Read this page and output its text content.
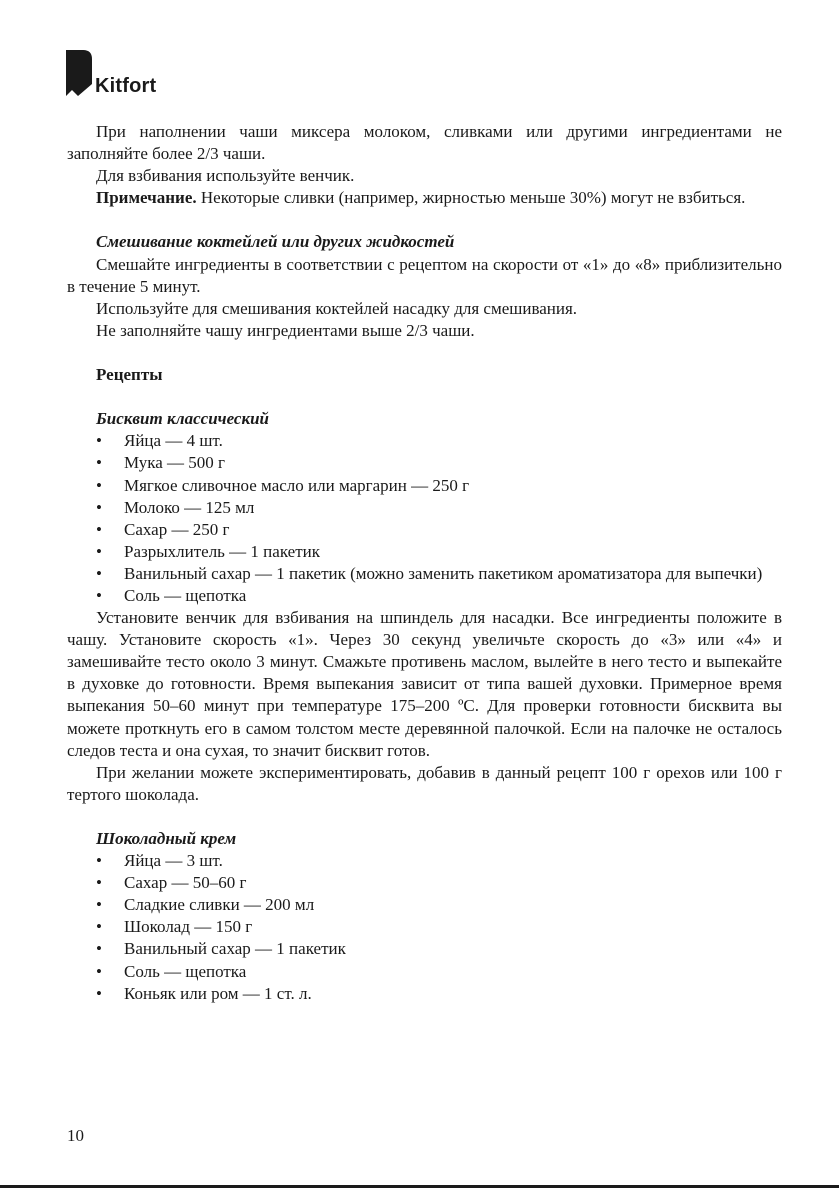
Kitfort

При наполнении чаши миксера молоком, сливками или другими ингредиентами не заполняйте более 2/3 чаши.

Для взбивания используйте венчик.

Примечание. Некоторые сливки (например, жирностью меньше 30%) могут не взбиться.

Смешивание коктейлей или других жидкостей

Смешайте ингредиенты в соответствии с рецептом на скорости от «1» до «8» приблизительно в течение 5 минут.

Используйте для смешивания коктейлей насадку для смешивания.

Не заполняйте чашу ингредиентами выше 2/3 чаши.

Рецепты

Бисквит классический

• Яйца — 4 шт.
• Мука — 500 г
• Мягкое сливочное масло или маргарин — 250 г
• Молоко — 125 мл
• Сахар — 250 г
• Разрыхлитель — 1 пакетик
• Ванильный сахар — 1 пакетик (можно заменить пакетиком ароматизатора для выпечки)
• Соль — щепотка

Установите венчик для взбивания на шпиндель для насадки. Все ингредиенты положите в чашу. Установите скорость «1». Через 30 секунд увеличьте скорость до «3» или «4» и замешивайте тесто около 3 минут. Смажьте противень маслом, вылейте в него тесто и выпекайте в духовке до готовности. Время выпекания зависит от типа вашей духовки. Примерное время выпекания 50–60 минут при температуре 175–200 ºС. Для проверки готовности бисквита вы можете проткнуть его в самом толстом месте деревянной палочкой. Если на палочке не осталось следов теста и она сухая, то значит бисквит готов.

При желании можете экспериментировать, добавив в данный рецепт 100 г орехов или 100 г тертого шоколада.

Шоколадный крем

• Яйца — 3 шт.
• Сахар — 50–60 г
• Сладкие сливки — 200 мл
• Шоколад — 150 г
• Ванильный сахар — 1 пакетик
• Соль — щепотка
• Коньяк или ром — 1 ст. л.
10
